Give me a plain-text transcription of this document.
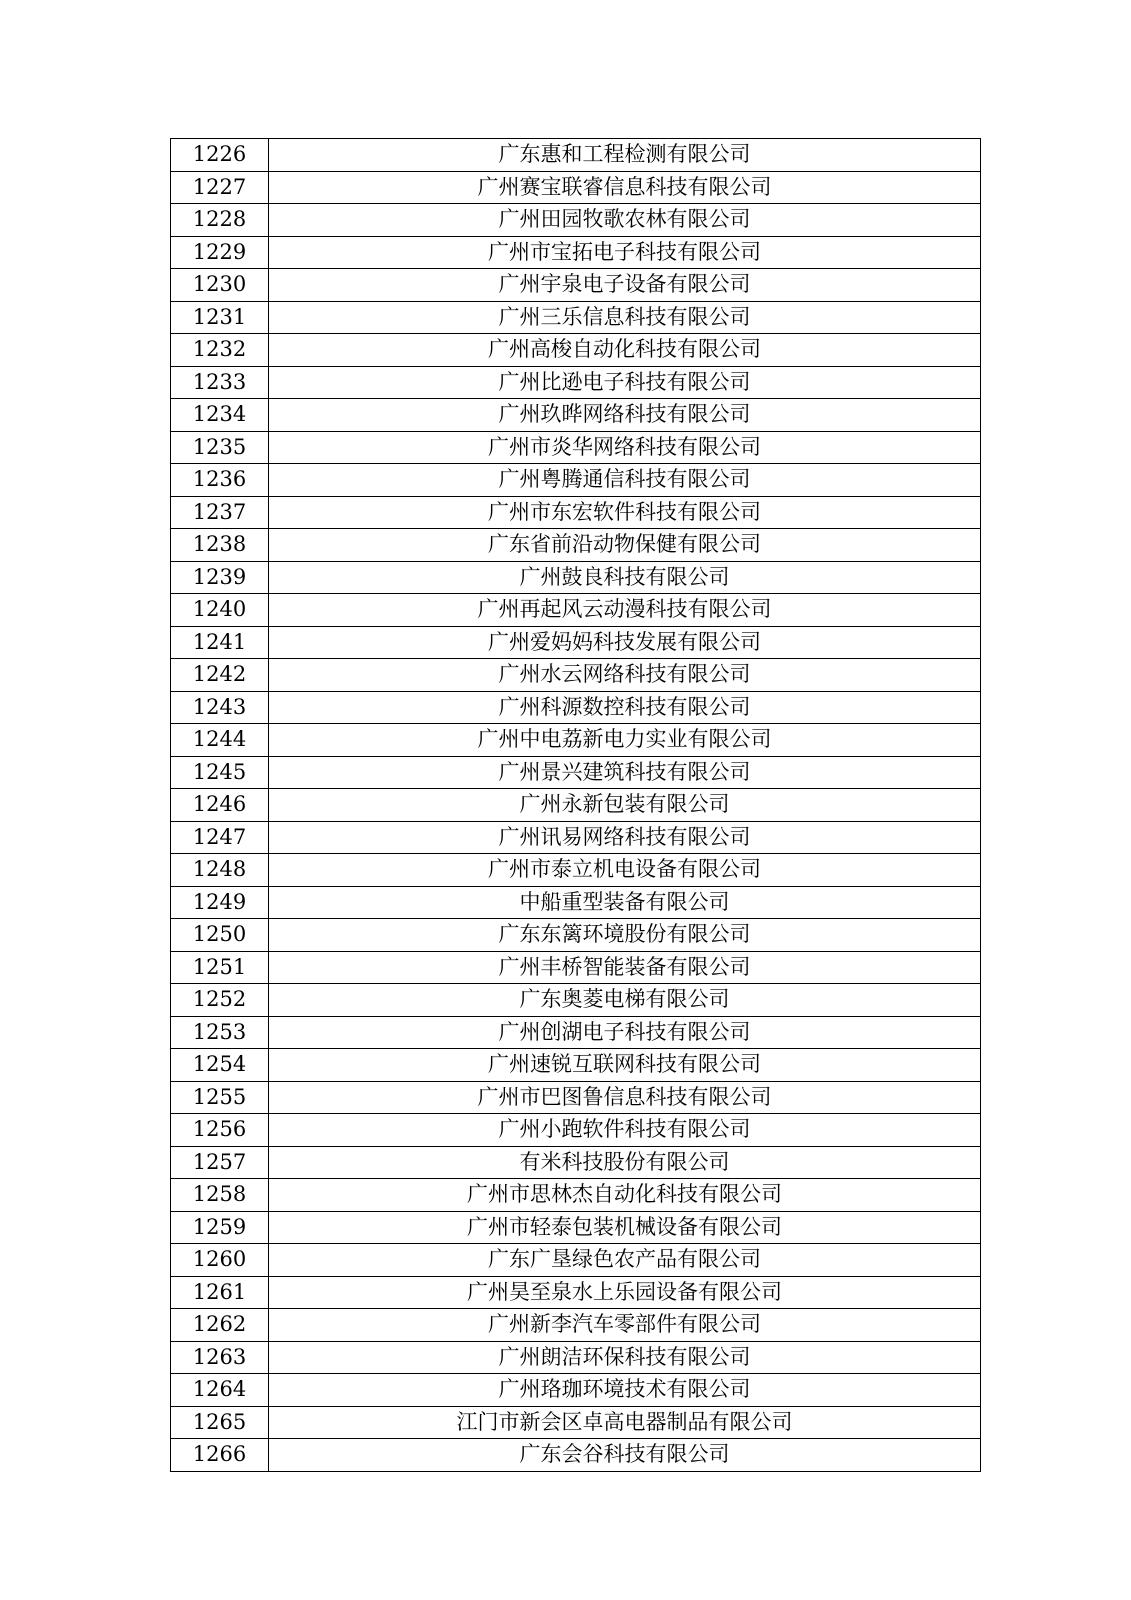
1226	广东惠和工程检测有限公司
1227	广州赛宝联睿信息科技有限公司
1228	广州田园牧歌农林有限公司
1229	广州市宝拓电子科技有限公司
1230	广州宇泉电子设备有限公司
1231	广州三乐信息科技有限公司
1232	广州高梭自动化科技有限公司
1233	广州比逊电子科技有限公司
1234	广州玖晔网络科技有限公司
1235	广州市炎华网络科技有限公司
1236	广州粤腾通信科技有限公司
1237	广州市东宏软件科技有限公司
1238	广东省前沿动物保健有限公司
1239	广州鼓良科技有限公司
1240	广州再起风云动漫科技有限公司
1241	广州爱妈妈科技发展有限公司
1242	广州水云网络科技有限公司
1243	广州科源数控科技有限公司
1244	广州中电荔新电力实业有限公司
1245	广州景兴建筑科技有限公司
1246	广州永新包装有限公司
1247	广州讯易网络科技有限公司
1248	广州市泰立机电设备有限公司
1249	中船重型装备有限公司
1250	广东东篱环境股份有限公司
1251	广州丰桥智能装备有限公司
1252	广东奥菱电梯有限公司
1253	广州创湖电子科技有限公司
1254	广州速锐互联网科技有限公司
1255	广州市巴图鲁信息科技有限公司
1256	广州小跑软件科技有限公司
1257	有米科技股份有限公司
1258	广州市思林杰自动化科技有限公司
1259	广州市轻泰包装机械设备有限公司
1260	广东广垦绿色农产品有限公司
1261	广州昊至泉水上乐园设备有限公司
1262	广州新李汽车零部件有限公司
1263	广州朗洁环保科技有限公司
1264	广州珞珈环境技术有限公司
1265	江门市新会区卓高电器制品有限公司
1266	广东会谷科技有限公司
